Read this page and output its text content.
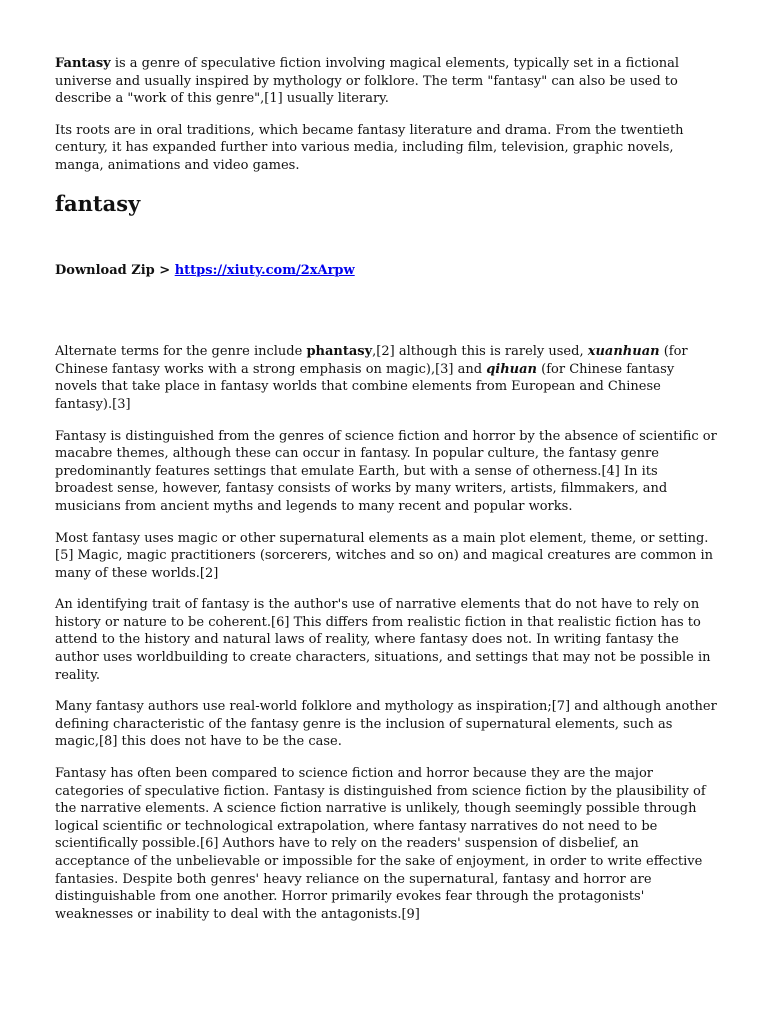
Fantasy is a genre of speculative fiction involving magical elements, typically set in a fictional universe and usually inspired by mythology or folklore. The term "fantasy" can also be used to describe a "work of this genre",[1] usually literary.

Its roots are in oral traditions, which became fantasy literature and drama. From the twentieth century, it has expanded further into various media, including film, television, graphic novels, manga, animations and video games.

fantasy
Download Zip > https://xiuty.com/2xArpw

Alternate terms for the genre include phantasy,[2] although this is rarely used, xuanhuan (for Chinese fantasy works with a strong emphasis on magic),[3] and qihuan (for Chinese fantasy novels that take place in fantasy worlds that combine elements from European and Chinese fantasy).[3]

Fantasy is distinguished from the genres of science fiction and horror by the absence of scientific or macabre themes, although these can occur in fantasy. In popular culture, the fantasy genre predominantly features settings that emulate Earth, but with a sense of otherness.[4] In its broadest sense, however, fantasy consists of works by many writers, artists, filmmakers, and musicians from ancient myths and legends to many recent and popular works.

Most fantasy uses magic or other supernatural elements as a main plot element, theme, or setting.[5] Magic, magic practitioners (sorcerers, witches and so on) and magical creatures are common in many of these worlds.[2]

An identifying trait of fantasy is the author's use of narrative elements that do not have to rely on history or nature to be coherent.[6] This differs from realistic fiction in that realistic fiction has to attend to the history and natural laws of reality, where fantasy does not. In writing fantasy the author uses worldbuilding to create characters, situations, and settings that may not be possible in reality.

Many fantasy authors use real-world folklore and mythology as inspiration;[7] and although another defining characteristic of the fantasy genre is the inclusion of supernatural elements, such as magic,[8] this does not have to be the case.

Fantasy has often been compared to science fiction and horror because they are the major categories of speculative fiction. Fantasy is distinguished from science fiction by the plausibility of the narrative elements. A science fiction narrative is unlikely, though seemingly possible through logical scientific or technological extrapolation, where fantasy narratives do not need to be scientifically possible.[6] Authors have to rely on the readers' suspension of disbelief, an acceptance of the unbelievable or impossible for the sake of enjoyment, in order to write effective fantasies. Despite both genres' heavy reliance on the supernatural, fantasy and horror are distinguishable from one another. Horror primarily evokes fear through the protagonists' weaknesses or inability to deal with the antagonists.[9]
